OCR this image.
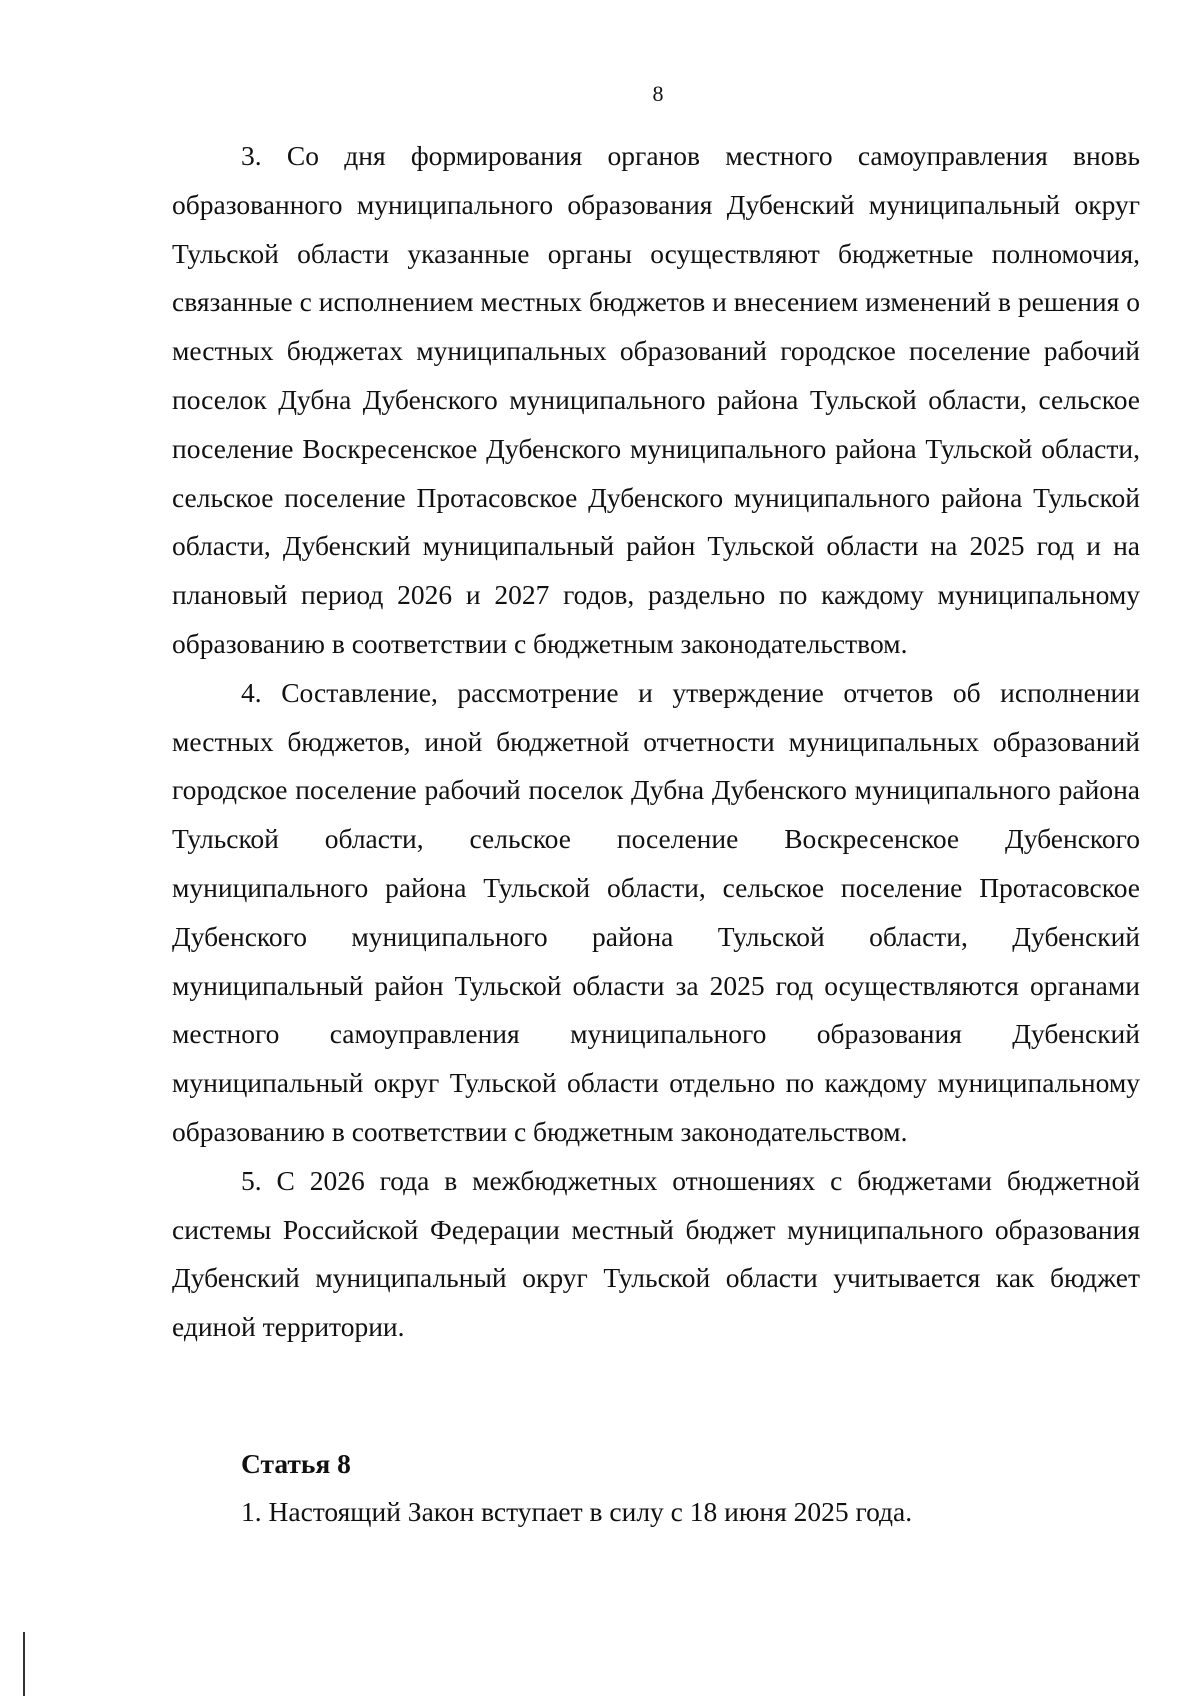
8

3. Со дня формирования органов местного самоуправления вновь образованного муниципального образования Дубенский муниципальный округ Тульской области указанные органы осуществляют бюджетные полномочия, связанные с исполнением местных бюджетов и внесением изменений в решения о местных бюджетах муниципальных образований городское поселение рабочий поселок Дубна Дубенского муниципального района Тульской области, сельское поселение Воскресенское Дубенского муниципального района Тульской области, сельское поселение Протасовское Дубенского муниципального района Тульской области, Дубенский муниципальный район Тульской области на 2025 год и на плановый период 2026 и 2027 годов, раздельно по каждому муниципальному образованию в соответствии с бюджетным законодательством.

4. Составление, рассмотрение и утверждение отчетов об исполнении местных бюджетов, иной бюджетной отчетности муниципальных образований городское поселение рабочий поселок Дубна Дубенского муниципального района Тульской области, сельское поселение Воскресенское Дубенского муниципального района Тульской области, сельское поселение Протасовское Дубенского муниципального района Тульской области, Дубенский муниципальный район Тульской области за 2025 год осуществляются органами местного самоуправления муниципального образования Дубенский муниципальный округ Тульской области отдельно по каждому муниципальному образованию в соответствии с бюджетным законодательством.

5. С 2026 года в межбюджетных отношениях с бюджетами бюджетной системы Российской Федерации местный бюджет муниципального образования Дубенский муниципальный округ Тульской области учитывается как бюджет единой территории.

Статья 8

1. Настоящий Закон вступает в силу с 18 июня 2025 года.
